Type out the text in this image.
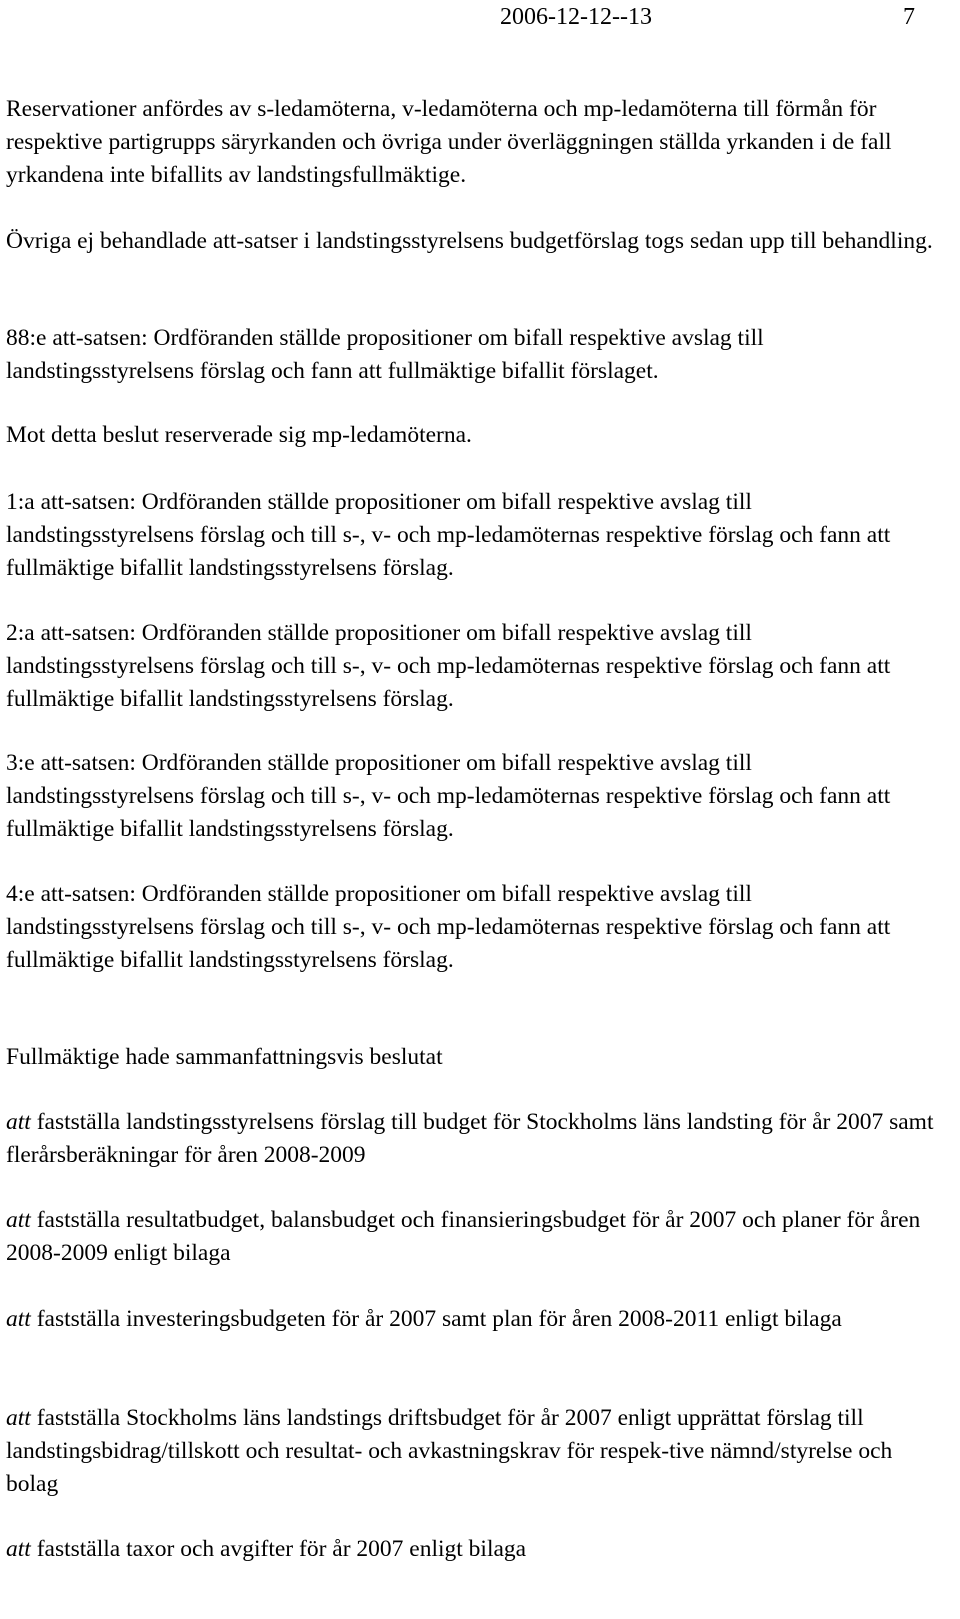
2006-12-12--13	7

Reservationer anfördes av s-ledamöterna, v-ledamöterna och mp-ledamöterna till förmån för respektive partigrupps säryrkanden och övriga under överläggningen ställda yrkanden i de fall yrkandena inte bifallits av landstingsfullmäktige.

Övriga ej behandlade att-satser i landstingsstyrelsens budgetförslag togs sedan upp till behandling.

88:e att-satsen: Ordföranden ställde propositioner om bifall respektive avslag till landstingsstyrelsens förslag och fann att fullmäktige bifallit förslaget.

Mot detta beslut reserverade sig mp-ledamöterna.

1:a att-satsen: Ordföranden ställde propositioner om bifall respektive avslag till landstingsstyrelsens förslag och till s-, v- och mp-ledamöternas respektive förslag och fann att fullmäktige bifallit landstingsstyrelsens förslag.

2:a att-satsen: Ordföranden ställde propositioner om bifall respektive avslag till landstingsstyrelsens förslag och till s-, v- och mp-ledamöternas respektive förslag och fann att fullmäktige bifallit landstingsstyrelsens förslag.

3:e att-satsen: Ordföranden ställde propositioner om bifall respektive avslag till landstingsstyrelsens förslag och till s-, v- och mp-ledamöternas respektive förslag och fann att fullmäktige bifallit landstingsstyrelsens förslag.

4:e att-satsen: Ordföranden ställde propositioner om bifall respektive avslag till landstingsstyrelsens förslag och till s-, v- och mp-ledamöternas respektive förslag och fann att fullmäktige bifallit landstingsstyrelsens förslag.

Fullmäktige hade sammanfattningsvis beslutat

att fastställa landstingsstyrelsens förslag till budget för Stockholms läns landsting för år 2007 samt flerårsberäkningar för åren 2008-2009

att fastställa resultatbudget, balansbudget och finansieringsbudget för år 2007 och planer för åren 2008-2009 enligt bilaga

att fastställa investeringsbudgeten för år 2007 samt plan för åren 2008-2011 enligt bilaga

att fastställa Stockholms läns landstings driftsbudget för år 2007 enligt upprättat förslag till landstingsbidrag/tillskott och resultat- och avkastningskrav för respek-tive nämnd/styrelse och bolag

att fastställa taxor och avgifter för år 2007 enligt bilaga
